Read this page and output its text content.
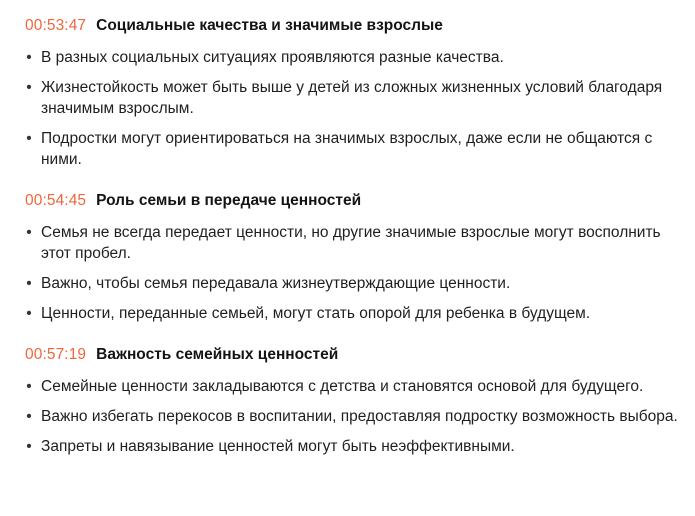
00:53:47 Социальные качества и значимые взрослые
• В разных социальных ситуациях проявляются разные качества.
• Жизнестойкость может быть выше у детей из сложных жизненных условий благодаря значимым взрослым.
• Подростки могут ориентироваться на значимых взрослых, даже если не общаются с ними.
00:54:45 Роль семьи в передаче ценностей
• Семья не всегда передает ценности, но другие значимые взрослые могут восполнить этот пробел.
• Важно, чтобы семья передавала жизнеутверждающие ценности.
• Ценности, переданные семьей, могут стать опорой для ребенка в будущем.
00:57:19 Важность семейных ценностей
• Семейные ценности закладываются с детства и становятся основой для будущего.
• Важно избегать перекосов в воспитании, предоставляя подростку возможность выбора.
• Запреты и навязывание ценностей могут быть неэффективными.
